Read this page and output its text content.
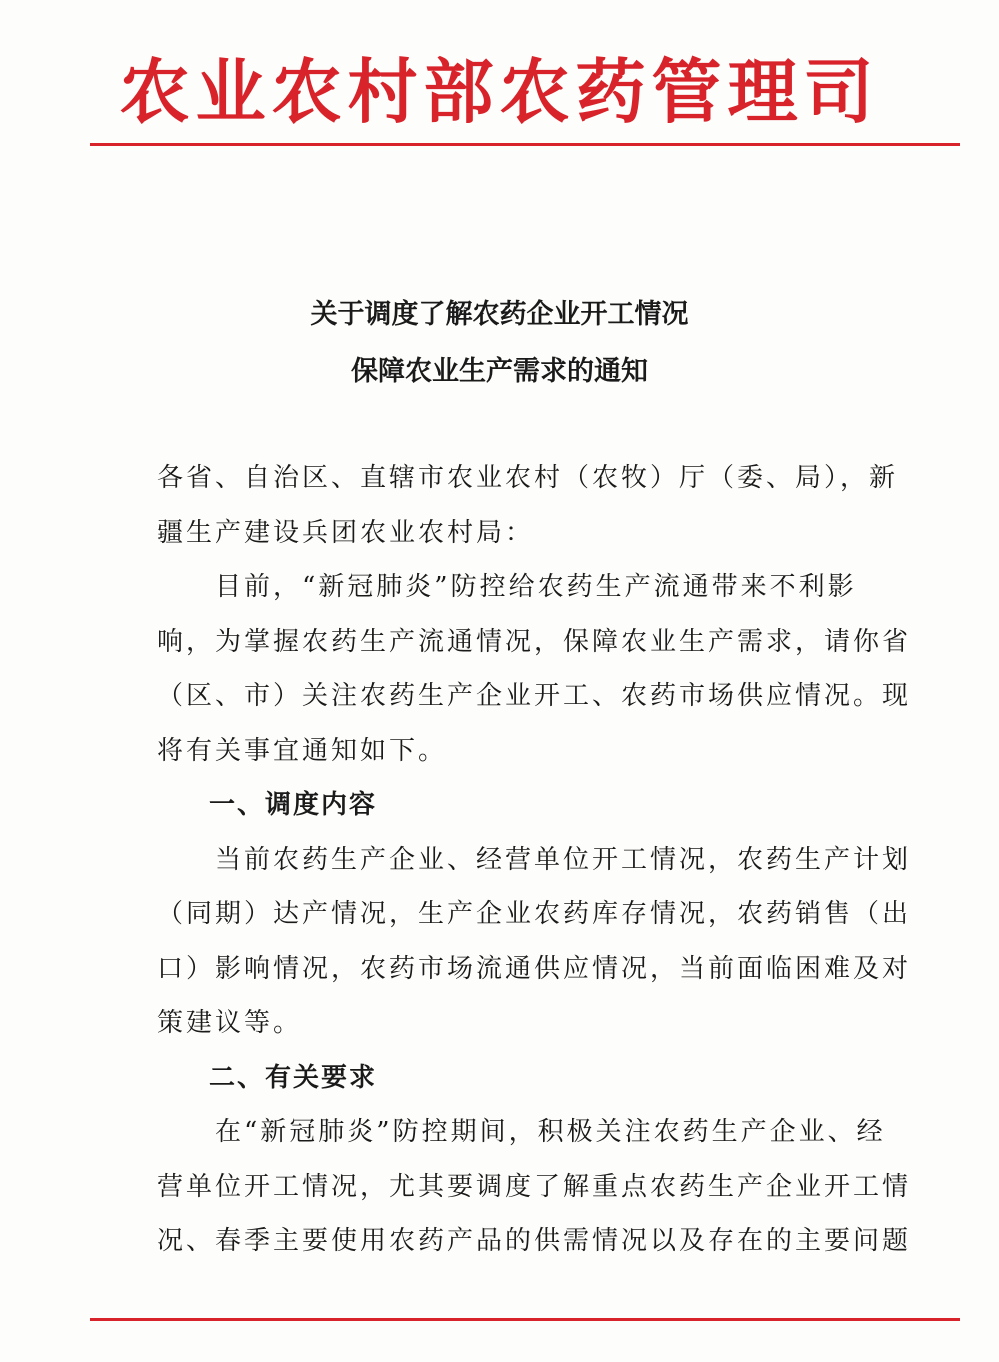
农业农村部农药管理司
关于调度了解农药企业开工情况
保障农业生产需求的通知
各省、自治区、直辖市农业农村（农牧）厅（委、局），新
疆生产建设兵团农业农村局：
　　目前，“新冠肺炎”防控给农药生产流通带来不利影
响，为掌握农药生产流通情况，保障农业生产需求，请你省
（区、市）关注农药生产企业开工、农药市场供应情况。现
将有关事宜通知如下。
一、调度内容
　　当前农药生产企业、经营单位开工情况，农药生产计划
（同期）达产情况，生产企业农药库存情况，农药销售（出
口）影响情况，农药市场流通供应情况，当前面临困难及对
策建议等。
二、有关要求
　　在“新冠肺炎”防控期间，积极关注农药生产企业、经
营单位开工情况，尤其要调度了解重点农药生产企业开工情
况、春季主要使用农药产品的供需情况以及存在的主要问题
